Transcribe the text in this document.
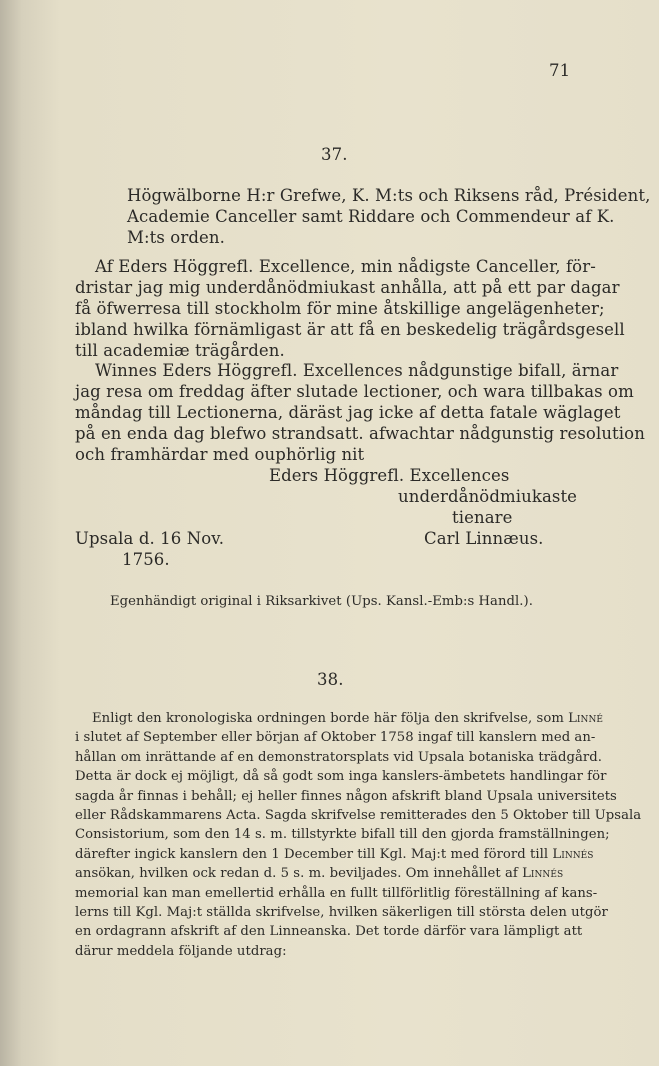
71
37.
Högwälborne H:r Grefwe, K. M:ts och Riksens råd, Président,
Academie Canceller samt Riddare och Commendeur af K.
M:ts orden.
Af Eders Höggrefl. Excellence, min nådigste Canceller, för-
dristar jag mig underdånödmiukast anhålla, att på ett par dagar
få öfwerresa till stockholm för mine åtskillige angelägenheter;
ibland hwilka förnämligast är att få en beskedelig trägårdsgesell
till academiæ trägården.
Winnes Eders Höggrefl. Excellences nådgunstige bifall, ärnar
jag resa om freddag äfter slutade lectioner, och wara tillbakas om
måndag till Lectionerna, däräst jag icke af detta fatale wäglaget
på en enda dag blefwo strandsatt. afwachtar nådgunstig resolution
och framhärdar med ouphörlig nit
Eders Höggrefl. Excellences
underdånödmiukaste
tienare
Carl Linnæus.
Upsala d. 16 Nov.
1756.
Egenhändigt original i Riksarkivet (Ups. Kansl.-Emb:s Handl.).
38.
Enligt den kronologiska ordningen borde här följa den skrifvelse, som Linné
i slutet af September eller början af Oktober 1758 ingaf till kanslern med an-
hållan om inrättande af en demonstratorsplats vid Upsala botaniska trädgård.
Detta är dock ej möjligt, då så godt som inga kanslers-ämbetets handlingar för
sagda år finnas i behåll; ej heller finnes någon afskrift bland Upsala universitets
eller Rådskammarens Acta. Sagda skrifvelse remitterades den 5 Oktober till Upsala
Consistorium, som den 14 s. m. tillstyrkte bifall till den gjorda framställningen;
därefter ingick kanslern den 1 December till Kgl. Maj:t med förord till Linnés
ansökan, hvilken ock redan d. 5 s. m. beviljades. Om innehållet af Linnés
memorial kan man emellertid erhålla en fullt tillförlitlig föreställning af kans-
lerns till Kgl. Maj:t ställda skrifvelse, hvilken säkerligen till största delen utgör
en ordagrann afskrift af den Linneanska. Det torde därför vara lämpligt att
därur meddela följande utdrag:
